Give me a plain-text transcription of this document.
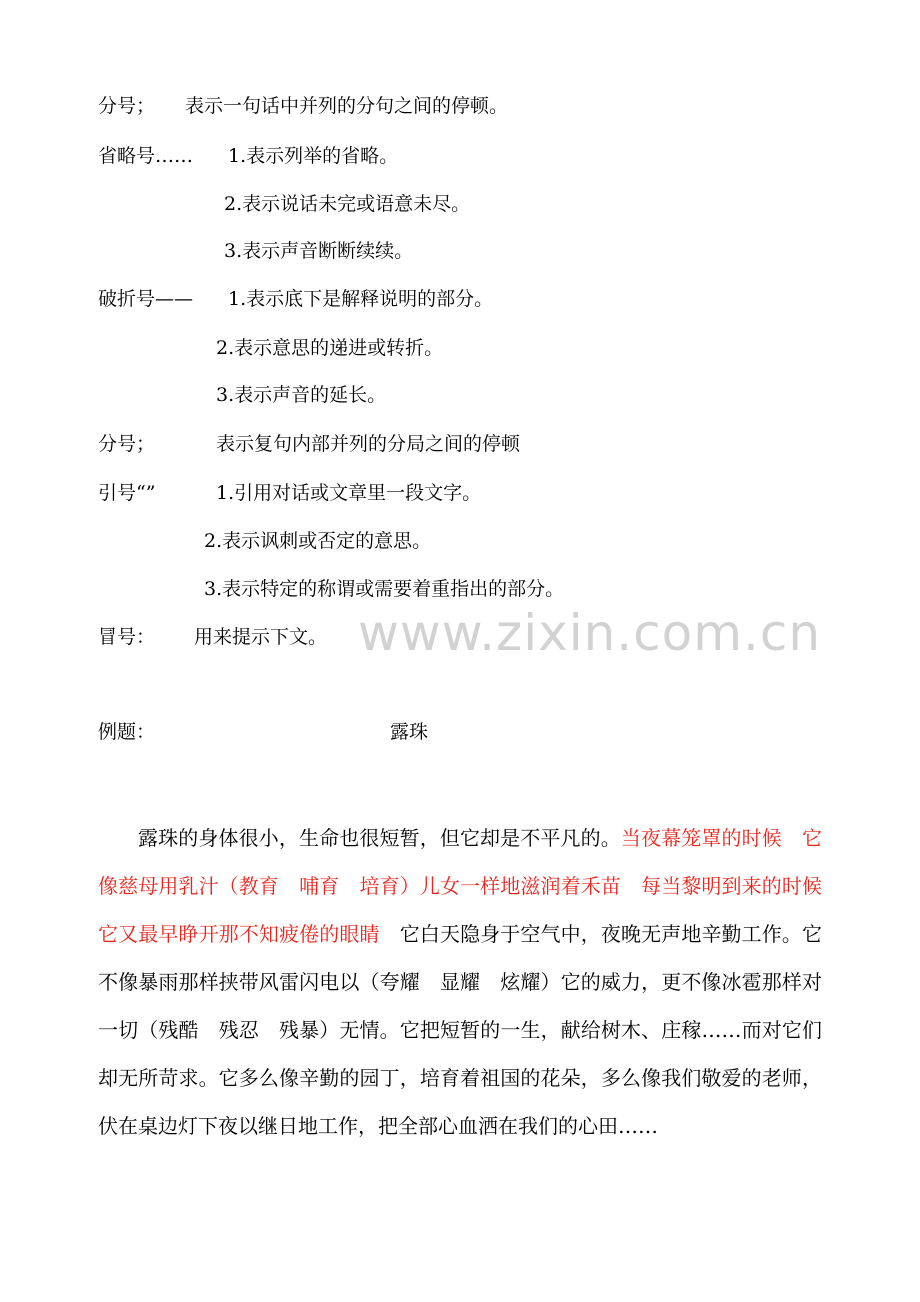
分号； 表示一句话中并列的分句之间的停顿。
省略号…… 1.表示列举的省略。
2.表示说话未完或语意未尽。
3.表示声音断断续续。
破折号—— 1.表示底下是解释说明的部分。
2.表示意思的递进或转折。
3.表示声音的延长。
分号；	表示复句内部并列的分局之间的停顿
引号“”	1.引用对话或文章里一段文字。
2.表示讽刺或否定的意思。
3.表示特定的称谓或需要着重指出的部分。
冒号： 用来提示下文。 www.zixin.com.cn
例题：	露珠
露珠的身体很小，生命也很短暂，但它却是不平凡的。当夜幕笼罩的时候　它像慈母用乳汁（教育　哺育　培育）儿女一样地滋润着禾苗　每当黎明到来的时候　它又最早睁开那不知疲倦的眼睛　它白天隐身于空气中，夜晚无声地辛勤工作。它不像暴雨那样挟带风雷闪电以（夸耀　显耀　炫耀）它的威力，更不像冰雹那样对一切（残酷　残忍　残暴）无情。它把短暂的一生，献给树木、庄稼……而对它们却无所苛求。它多么像辛勤的园丁，培育着祖国的花朵，多么像我们敬爱的老师，伏在桌边灯下夜以继日地工作，把全部心血洒在我们的心田……
